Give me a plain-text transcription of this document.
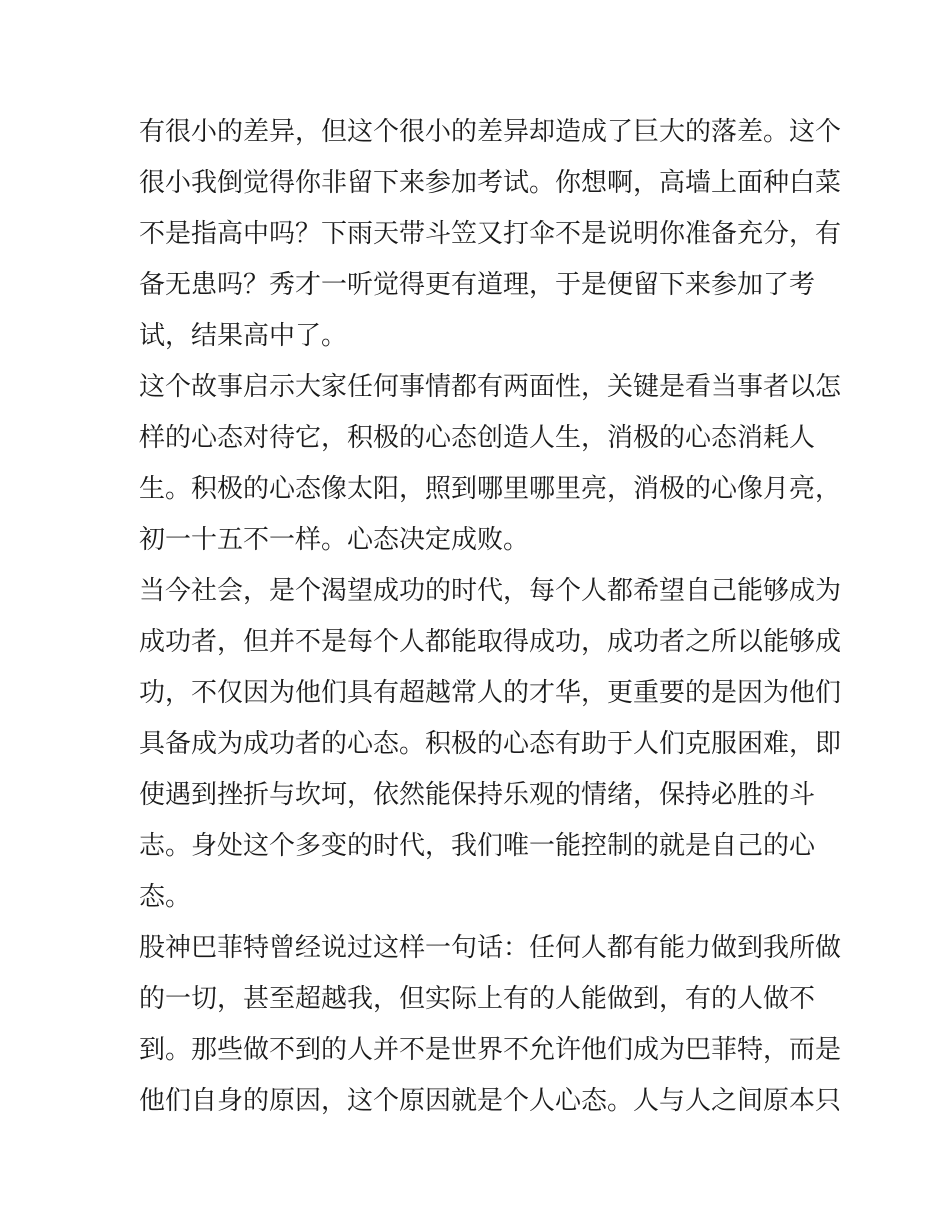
有很小的差异，但这个很小的差异却造成了巨大的落差。这个
很小我倒觉得你非留下来参加考试。你想啊，高墙上面种白菜
不是指高中吗？下雨天带斗笠又打伞不是说明你准备充分，有
备无患吗？秀才一听觉得更有道理，于是便留下来参加了考
试，结果高中了。
这个故事启示大家任何事情都有两面性，关键是看当事者以怎
样的心态对待它，积极的心态创造人生，消极的心态消耗人
生。积极的心态像太阳，照到哪里哪里亮，消极的心像月亮，
初一十五不一样。心态决定成败。
当今社会，是个渴望成功的时代，每个人都希望自己能够成为
成功者，但并不是每个人都能取得成功，成功者之所以能够成
功，不仅因为他们具有超越常人的才华，更重要的是因为他们
具备成为成功者的心态。积极的心态有助于人们克服困难，即
使遇到挫折与坎坷，依然能保持乐观的情绪，保持必胜的斗
志。身处这个多变的时代，我们唯一能控制的就是自己的心
态。
股神巴菲特曾经说过这样一句话：任何人都有能力做到我所做
的一切，甚至超越我，但实际上有的人能做到，有的人做不
到。那些做不到的人并不是世界不允许他们成为巴菲特，而是
他们自身的原因，这个原因就是个人心态。人与人之间原本只
